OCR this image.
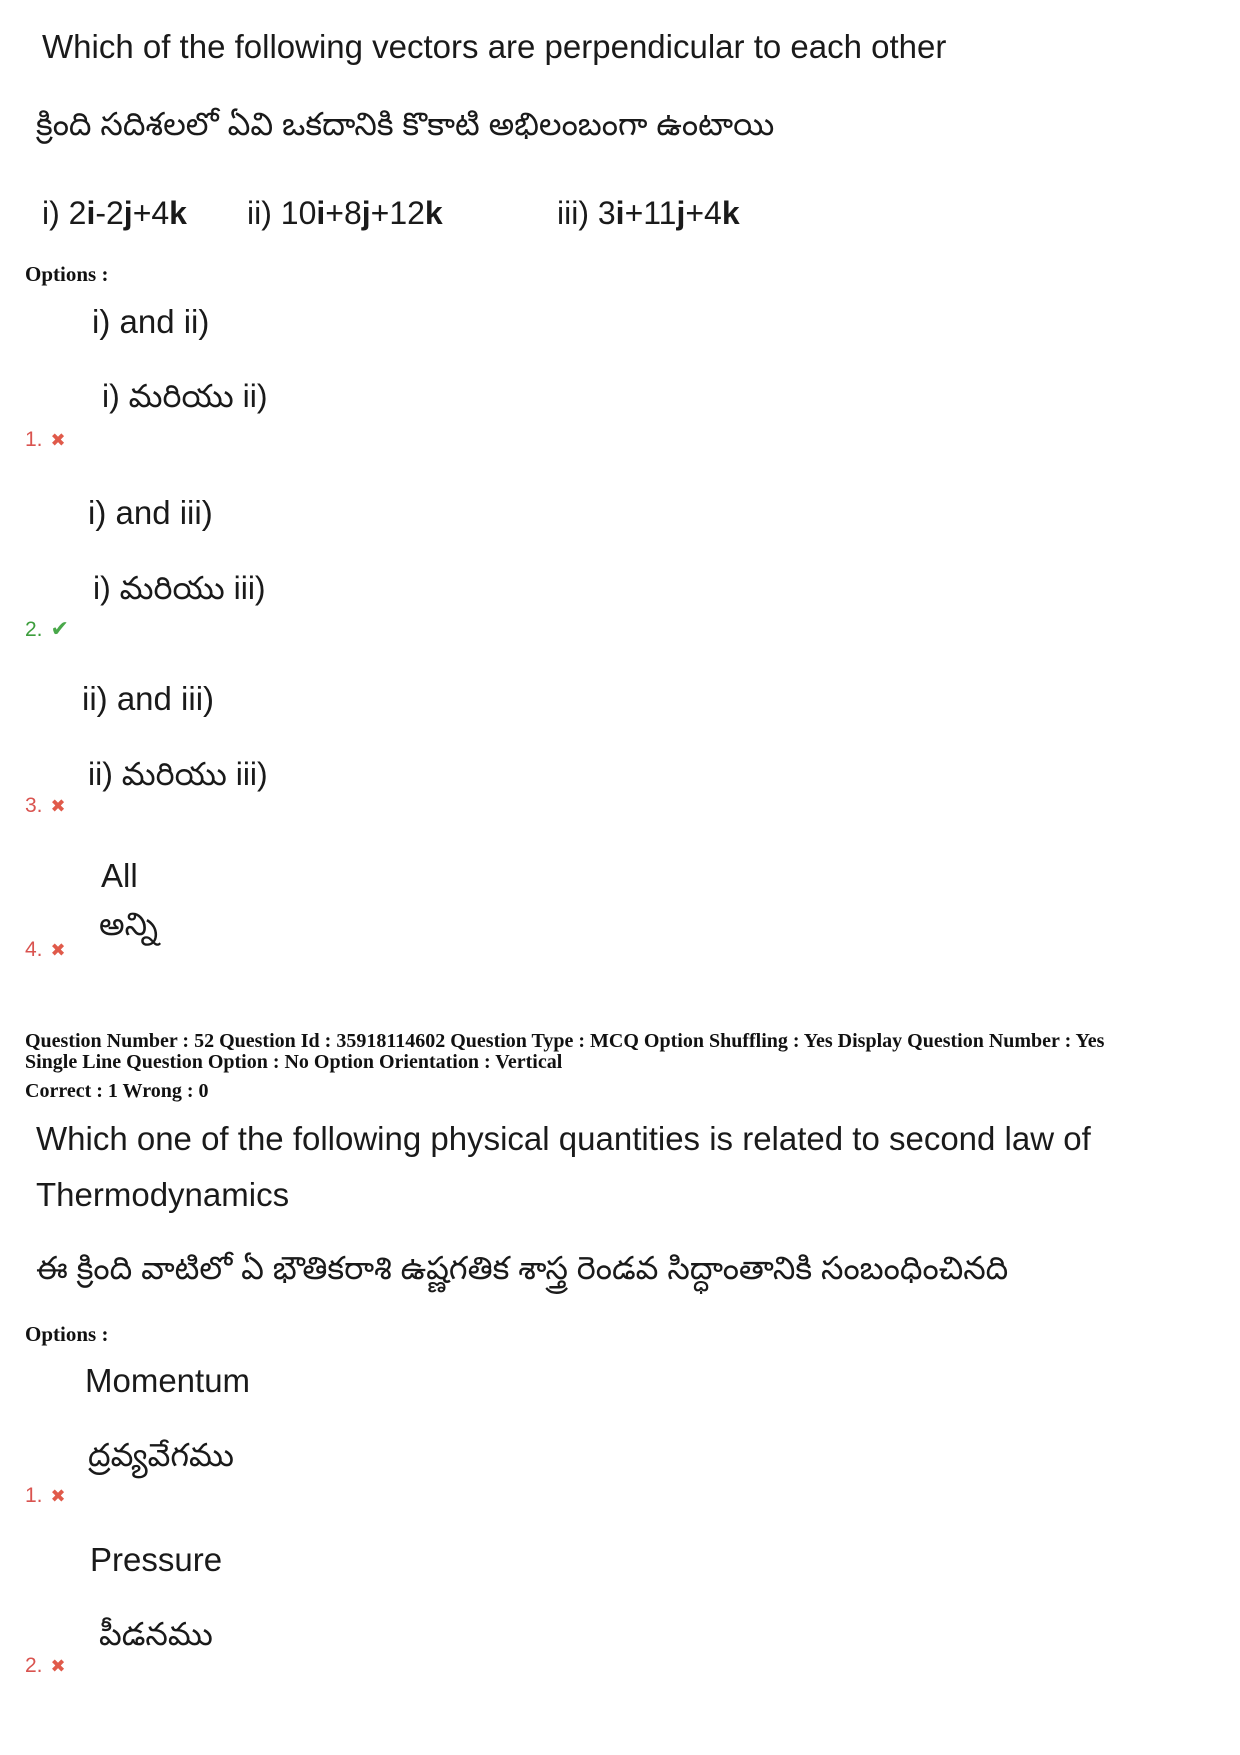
Which of the following vectors are perpendicular to each other
క్రింది సదిశలలో ఏవి ఒకదానికి కొకాటి అభిలంబంగా ఉంటాయి
i) 2i-2j+4k ii) 10i+8j+12k	iii) 3i+11j+4k
Options :
i) and ii)
i) మరియు ii)
1. ✖
i) and iii)
i) మరియు iii)
2. ✔
ii) and iii)
ii) మరియు iii)
3. ✖
All
అన్ని
4. ✖
Question Number : 52 Question Id : 35918114602 Question Type : MCQ Option Shuffling : Yes Display Question Number : Yes
Single Line Question Option : No Option Orientation : Vertical
Correct : 1 Wrong : 0
Which one of the following physical quantities is related to second law of
Thermodynamics
ఈ క్రింది వాటిలో ఏ భౌతికరాశి ఉష్ణగతిక శాస్త్ర రెండవ సిద్ధాంతానికి సంబంధించినది
Options :
Momentum
ద్రవ్యవేగము
1. ✖
Pressure
పీడనము
2. ✖
